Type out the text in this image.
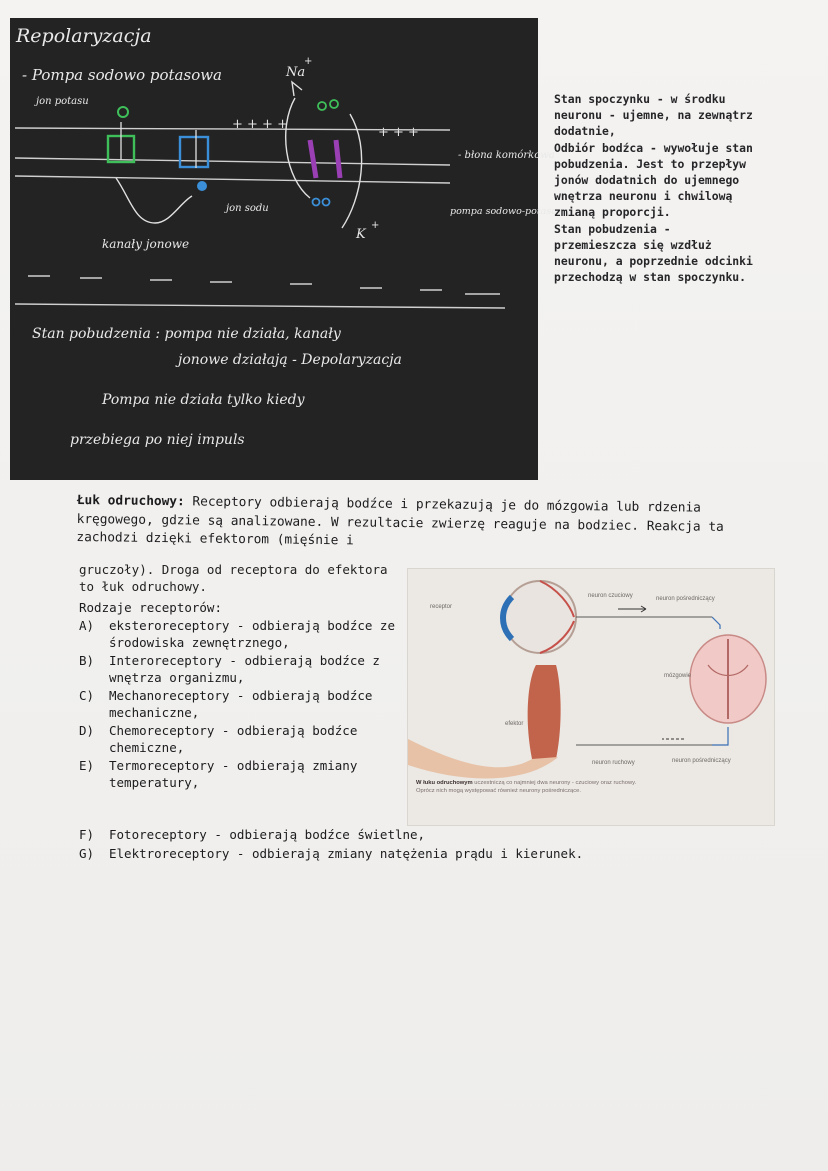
Repolaryzacja
- Pompa sodowo potasowa
jon potasu
Na
+
+ + + +
+ + +
- błona komórkowa
K
+
kanały jonowe
jon sodu	pompa sodowo-potasowa
Stan pobudzenia : pompa nie działa, kanały
jonowe działają - Depolaryzacja
Pompa nie działa tylko kiedy
przebiega po niej impuls

Stan spoczynku - w środku

neuronu - ujemne, na zewnątrz

dodatnie,

Odbiór bodźca - wywołuje stan

pobudzenia. Jest to przepływ

jonów dodatnich do ujemnego

wnętrza neuronu i chwilową

zmianą proporcji.

Stan pobudzenia -

przemieszcza się wzdłuż

neuronu, a poprzednie odcinki

przechodzą w stan spoczynku.

Łuk odruchowy: Receptory odbierają bodźce i przekazują je do mózgowia lub rdzenia kręgowego, gdzie są analizowane. W rezultacie zwierzę reaguje na bodziec. Reakcja ta zachodzi dzięki efektorom (mięśnie i
gruczoły). Droga od receptora do efektora
to łuk odruchowy.
Rodzaje receptorów:
A)	eksteroreceptory - odbierają bodźce ze środowiska zewnętrznego,
B)	Interoreceptory - odbierają bodźce z wnętrza organizmu,
C)	Mechanoreceptory - odbierają bodźce mechaniczne,
D)	Chemoreceptory - odbierają bodźce chemiczne,
E)	Termoreceptory - odbierają zmiany temperatury,
F)	Fotoreceptory - odbierają bodźce świetlne,
G)	Elektroreceptory - odbierają zmiany natężenia prądu i kierunek.
receptor
neuron czuciowy	neuron pośredniczący
mózgowie
efektor
neuron ruchowy	neuron pośredniczący
W łuku odruchowym uczestniczą co najmniej dwa neurony - czuciowy oraz ruchowy.
Oprócz nich mogą występować również neurony pośredniczące.
